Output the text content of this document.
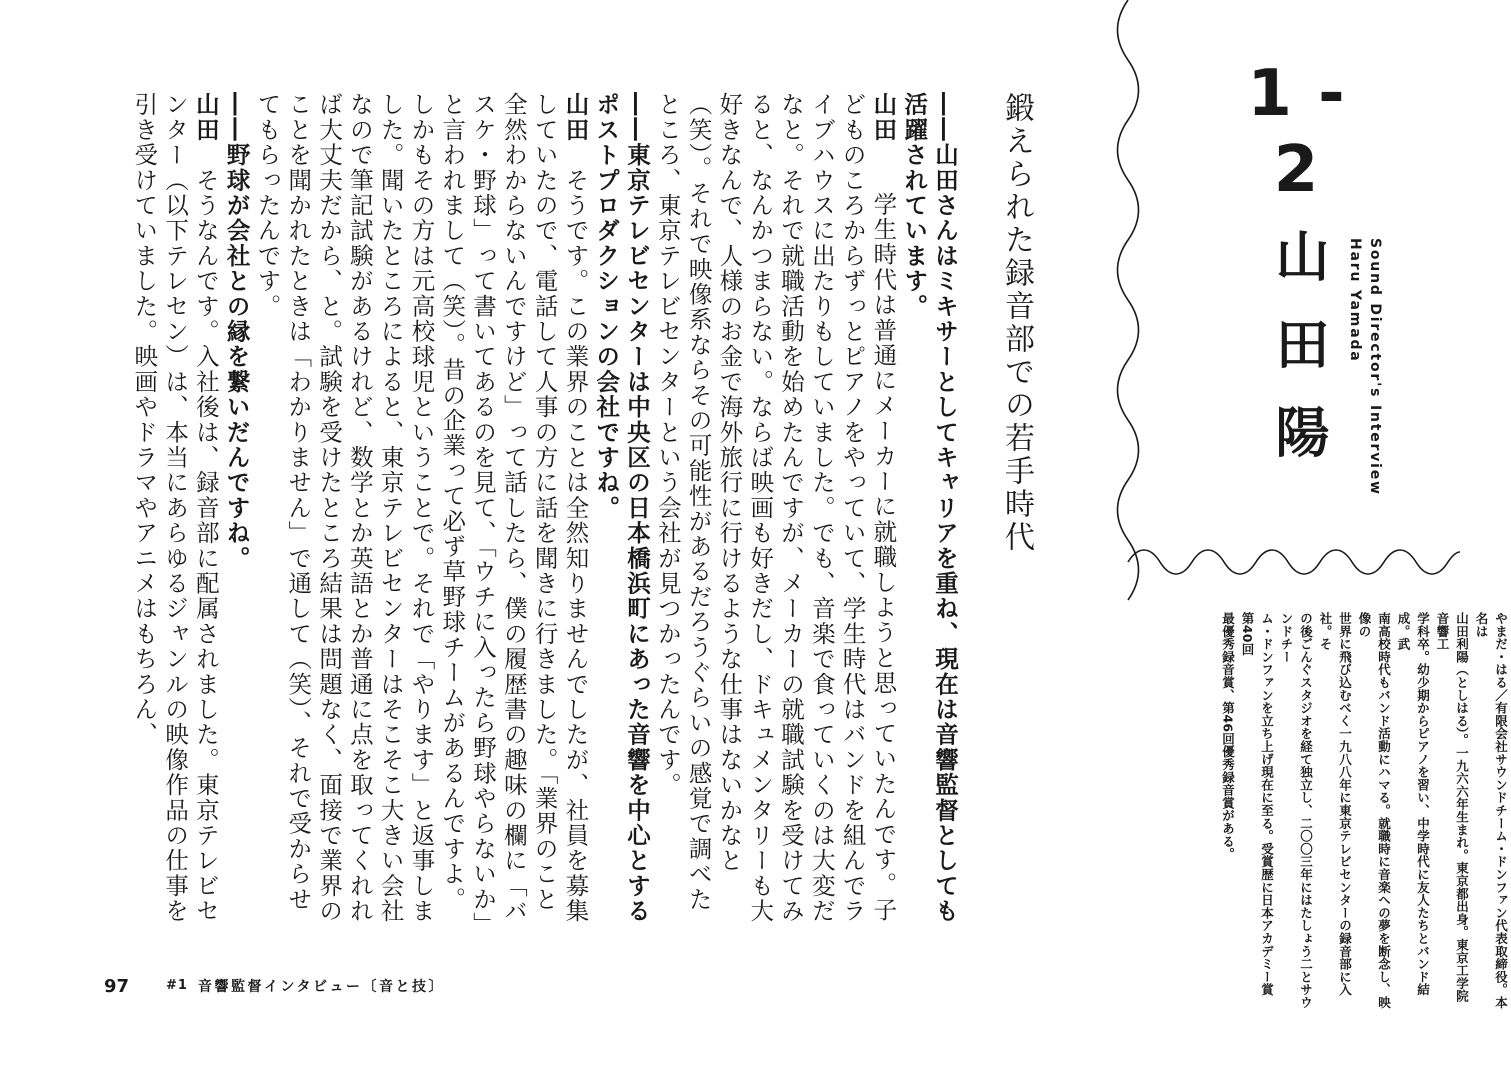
1 - 2
Sound Director's Interview
Haru Yamada
山田陽
やまだ・はる／有限会社サウンドチーム・ドンファン代表取締役。本名は
山田利陽（としはる）。一九六六年生まれ。東京都出身。東京工学院音響工
学科卒。幼少期からピアノを習い、中学時代に友人たちとバンド結成。武
南高校時代もバンド活動にハマる。就職時に音楽への夢を断念し、映像の
世界に飛び込むべく一九八八年に東京テレビセンターの録音部に入社。そ
の後ごんぐスタジオを経て独立し、二〇〇三年にはたしょう二とサウンドチー
ム・ドンファンを立ち上げ現在に至る。受賞歴に日本アカデミー賞 第40回
最優秀録音賞、第46回優秀録音賞がある。
鍛えられた録音部での若手時代

――山田さんはミキサーとしてキャリアを重ね、現在は音響監督としても活躍されています。

山田　学生時代は普通にメーカーに就職しようと思っていたんです。子どものころからずっとピアノをやっていて、学生時代はバンドを組んでライブハウスに出たりもしていました。でも、音楽で食っていくのは大変だなと。それで就職活動を始めたんですが、メーカーの就職試験を受けてみると、なんかつまらない。ならば映画も好きだし、ドキュメンタリーも大好きなんで、人様のお金で海外旅行に行けるような仕事はないかなと（笑）。それで映像系ならその可能性があるだろうぐらいの感覚で調べたところ、東京テレビセンターという会社が見つかったんです。

――東京テレビセンターは中央区の日本橋浜町にあった音響を中心とするポストプロダクションの会社ですね。

山田　そうです。この業界のことは全然知りませんでしたが、社員を募集していたので、電話して人事の方に話を聞きに行きました。「業界のこと全然わからないんですけど」って話したら、僕の履歴書の趣味の欄に「バスケ・野球」って書いてあるのを見て、「ウチに入ったら野球やらないか」と言われまして（笑）。昔の企業って必ず草野球チームがあるんですよ。しかもその方は元高校球児ということで。それで「やります」と返事しました。聞いたところによると、東京テレビセンターはそこそこ大きい会社なので筆記試験があるけれど、数学とか英語とか普通に点を取ってくれれば大丈夫だから、と。試験を受けたところ結果は問題なく、面接で業界のことを聞かれたときは「わかりません」で通して（笑）、それで受からせてもらったんです。

――野球が会社との縁を繋いだんですね。

山田　そうなんです。入社後は、録音部に配属されました。東京テレビセンター（以下テレセン）は、本当にあらゆるジャンルの映像作品の仕事を引き受けていました。映画やドラマやアニメはもちろん、

97	#1 音響監督インタビュー〔音と技〕
